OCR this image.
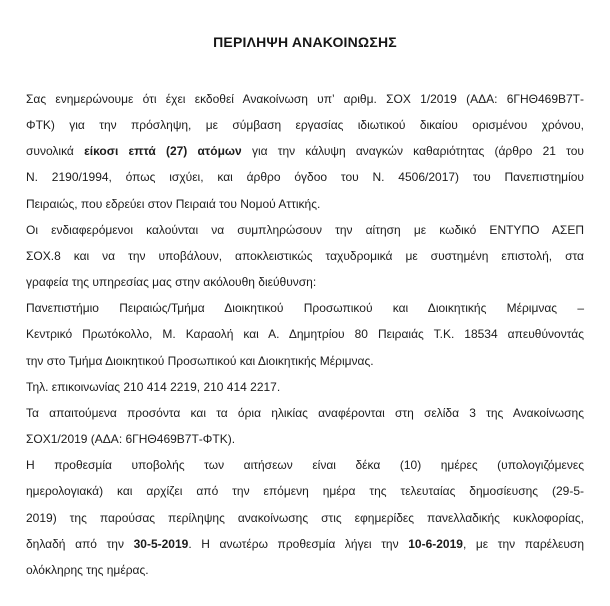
ΠΕΡΙΛΗΨΗ ΑΝΑΚΟΙΝΩΣΗΣ

Σας ενημερώνουμε ότι έχει εκδοθεί Ανακοίνωση υπ’ αριθμ. ΣΟΧ 1/2019 (ΑΔΑ: 6ΓΗΘ469Β7Τ-
ΦΤΚ) για την πρόσληψη, με σύμβαση εργασίας ιδιωτικού δικαίου ορισμένου χρόνου,
συνολικά είκοσι επτά (27) ατόμων για την κάλυψη αναγκών καθαριότητας (άρθρο 21 του
Ν. 2190/1994, όπως ισχύει, και άρθρο όγδοο του Ν. 4506/2017) του Πανεπιστημίου
Πειραιώς, που εδρεύει στον Πειραιά του Νομού Αττικής.

Οι ενδιαφερόμενοι καλούνται να συμπληρώσουν την αίτηση με κωδικό ΕΝΤΥΠΟ ΑΣΕΠ
ΣΟΧ.8 και να την υποβάλουν, αποκλειστικώς ταχυδρομικά με συστημένη επιστολή, στα
γραφεία της υπηρεσίας μας στην ακόλουθη διεύθυνση:

Πανεπιστήμιο Πειραιώς/Τμήμα Διοικητικού Προσωπικού και Διοικητικής Μέριμνας –
Κεντρικό Πρωτόκολλο, Μ. Καραολή και Α. Δημητρίου 80 Πειραιάς Τ.Κ. 18534 απευθύνοντάς
την στο Τμήμα Διοικητικού Προσωπικού και Διοικητικής Μέριμνας.

Τηλ. επικοινωνίας 210 414 2219, 210 414 2217.

Τα απαιτούμενα προσόντα και τα όρια ηλικίας αναφέρονται στη σελίδα 3 της Ανακοίνωσης
ΣΟΧ1/2019 (ΑΔΑ: 6ΓΗΘ469Β7Τ-ΦΤΚ).

Η προθεσμία υποβολής των αιτήσεων είναι δέκα (10) ημέρες (υπολογιζόμενες
ημερολογιακά) και αρχίζει από την επόμενη ημέρα της τελευταίας δημοσίευσης (29-5-
2019) της παρούσας περίληψης ανακοίνωσης στις εφημερίδες πανελλαδικής κυκλοφορίας,
δηλαδή από την 30-5-2019. Η ανωτέρω προθεσμία λήγει την 10-6-2019, με την παρέλευση
ολόκληρης της ημέρας.
